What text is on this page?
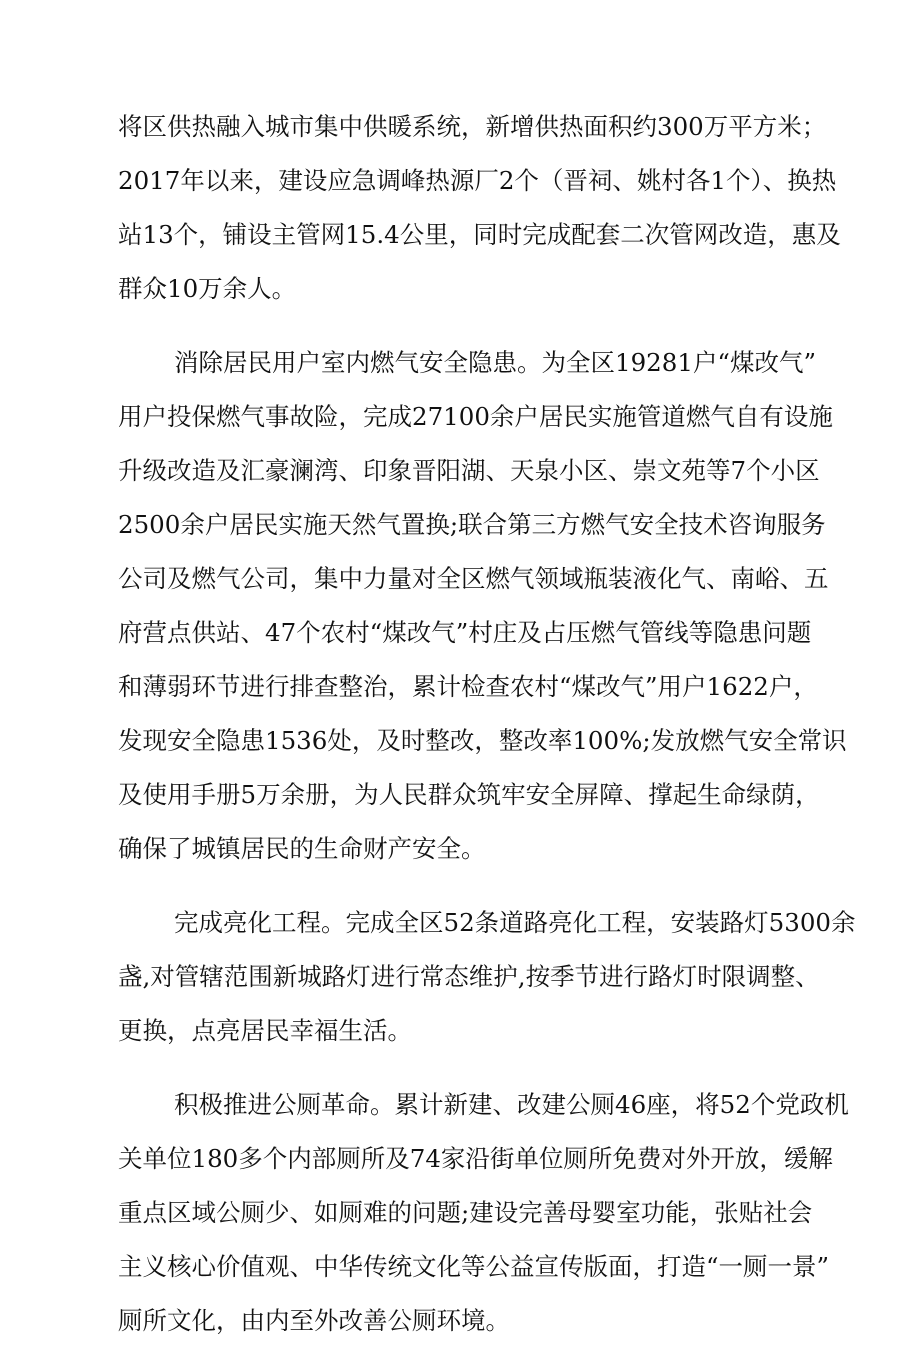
将区供热融入城市集中供暖系统，新增供热面积约300万平方米；
2017年以来，建设应急调峰热源厂2个（晋祠、姚村各1个）、换热
站13个，铺设主管网15.4公里，同时完成配套二次管网改造，惠及
群众10万余人。

消除居民用户室内燃气安全隐患。为全区19281户“煤改气”
用户投保燃气事故险，完成27100余户居民实施管道燃气自有设施
升级改造及汇豪澜湾、印象晋阳湖、天泉小区、崇文苑等7个小区
2500余户居民实施天然气置换;联合第三方燃气安全技术咨询服务
公司及燃气公司，集中力量对全区燃气领域瓶装液化气、南峪、五
府营点供站、47个农村“煤改气”村庄及占压燃气管线等隐患问题
和薄弱环节进行排查整治，累计检查农村“煤改气”用户1622户，
发现安全隐患1536处，及时整改，整改率100%;发放燃气安全常识
及使用手册5万余册，为人民群众筑牢安全屏障、撑起生命绿荫，
确保了城镇居民的生命财产安全。

完成亮化工程。完成全区52条道路亮化工程，安装路灯5300余
盏,对管辖范围新城路灯进行常态维护,按季节进行路灯时限调整、
更换，点亮居民幸福生活。

积极推进公厕革命。累计新建、改建公厕46座，将52个党政机
关单位180多个内部厕所及74家沿街单位厕所免费对外开放，缓解
重点区域公厕少、如厕难的问题;建设完善母婴室功能，张贴社会
主义核心价值观、中华传统文化等公益宣传版面，打造“一厕一景”
厕所文化，由内至外改善公厕环境。
